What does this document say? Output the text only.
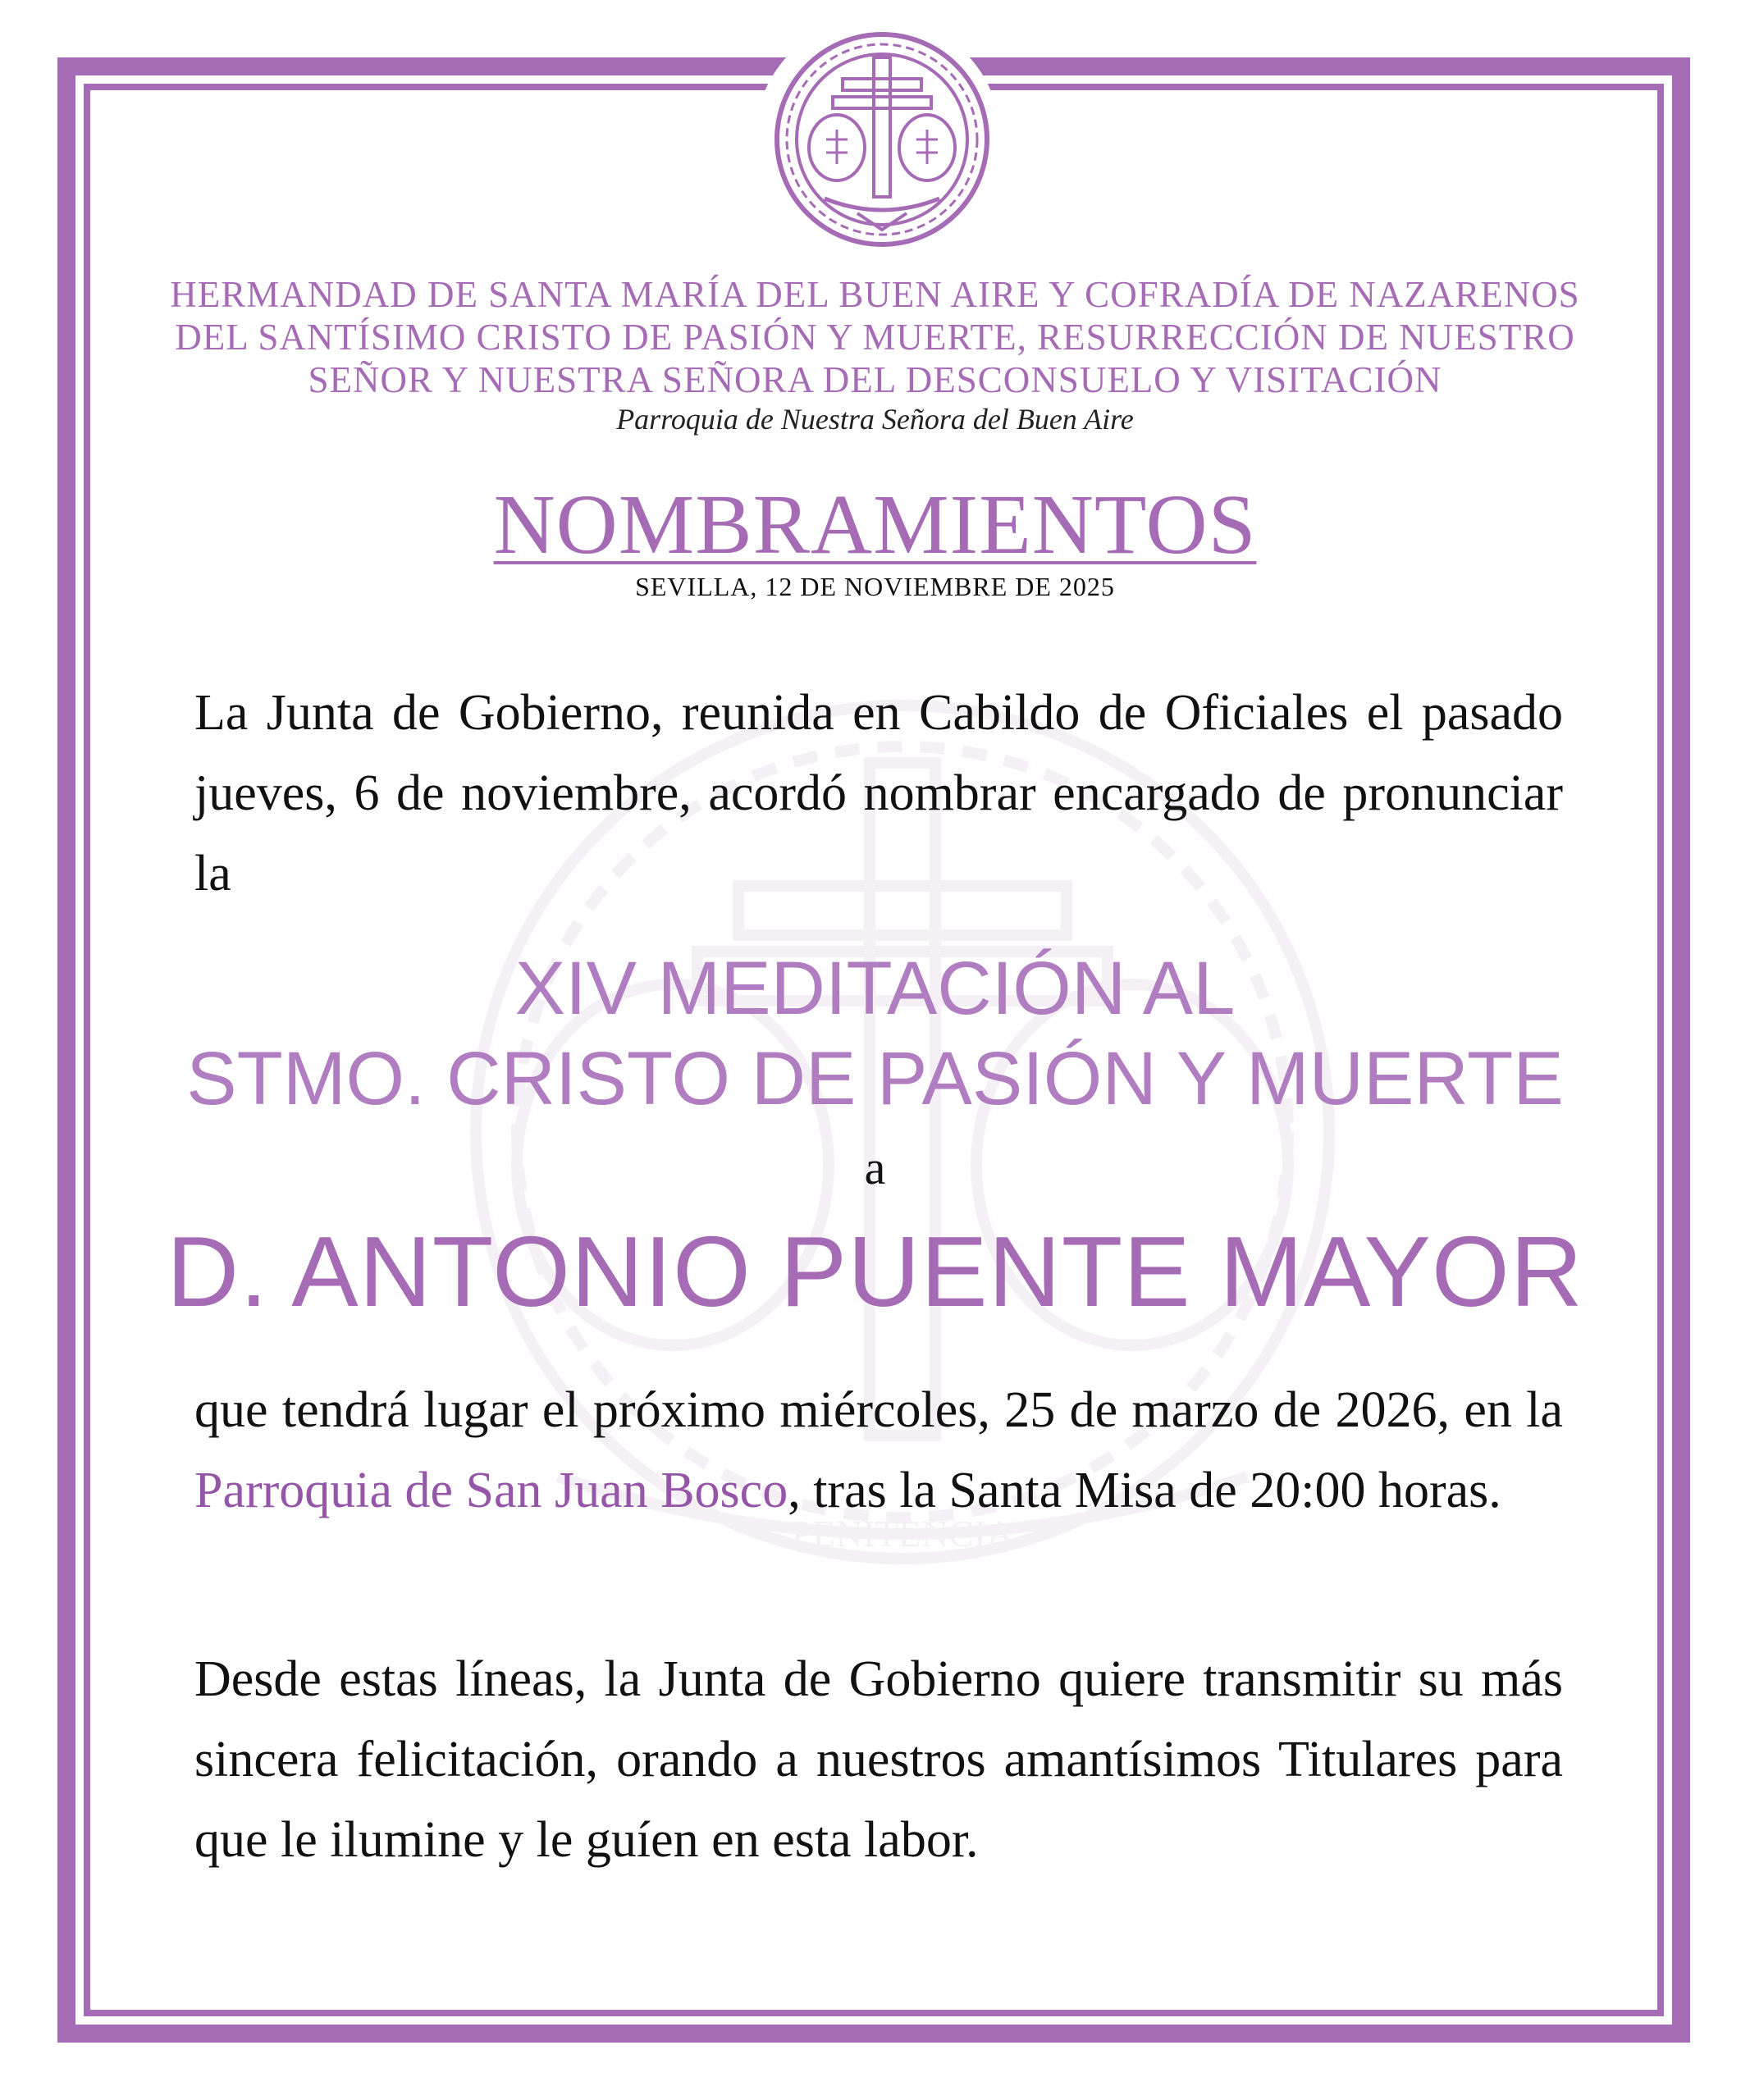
PENITENCIA
HERMANDAD DE SANTA MARÍA DEL BUEN AIRE Y COFRADÍA DE NAZARENOS
DEL SANTÍSIMO CRISTO DE PASIÓN Y MUERTE, RESURRECCIÓN DE NUESTRO
SEÑOR Y NUESTRA SEÑORA DEL DESCONSUELO Y VISITACIÓN
Parroquia de Nuestra Señora del Buen Aire
NOMBRAMIENTOS
SEVILLA, 12 DE NOVIEMBRE DE 2025

La Junta de Gobierno, reunida en Cabildo de Oficiales el pasado jueves, 6 de noviembre, acordó nombrar encargado de pronunciar la

XIV MEDITACIÓN AL
STMO. CRISTO DE PASIÓN Y MUERTE
a
D. ANTONIO PUENTE MAYOR

que tendrá lugar el próximo miércoles, 25 de marzo de 2026, en la Parroquia de San Juan Bosco, tras la Santa Misa de 20:00 horas.

Desde estas líneas, la Junta de Gobierno quiere transmitir su más sincera felicitación, orando a nuestros amantísimos Titulares para que le ilumine y le guíen en esta labor.
